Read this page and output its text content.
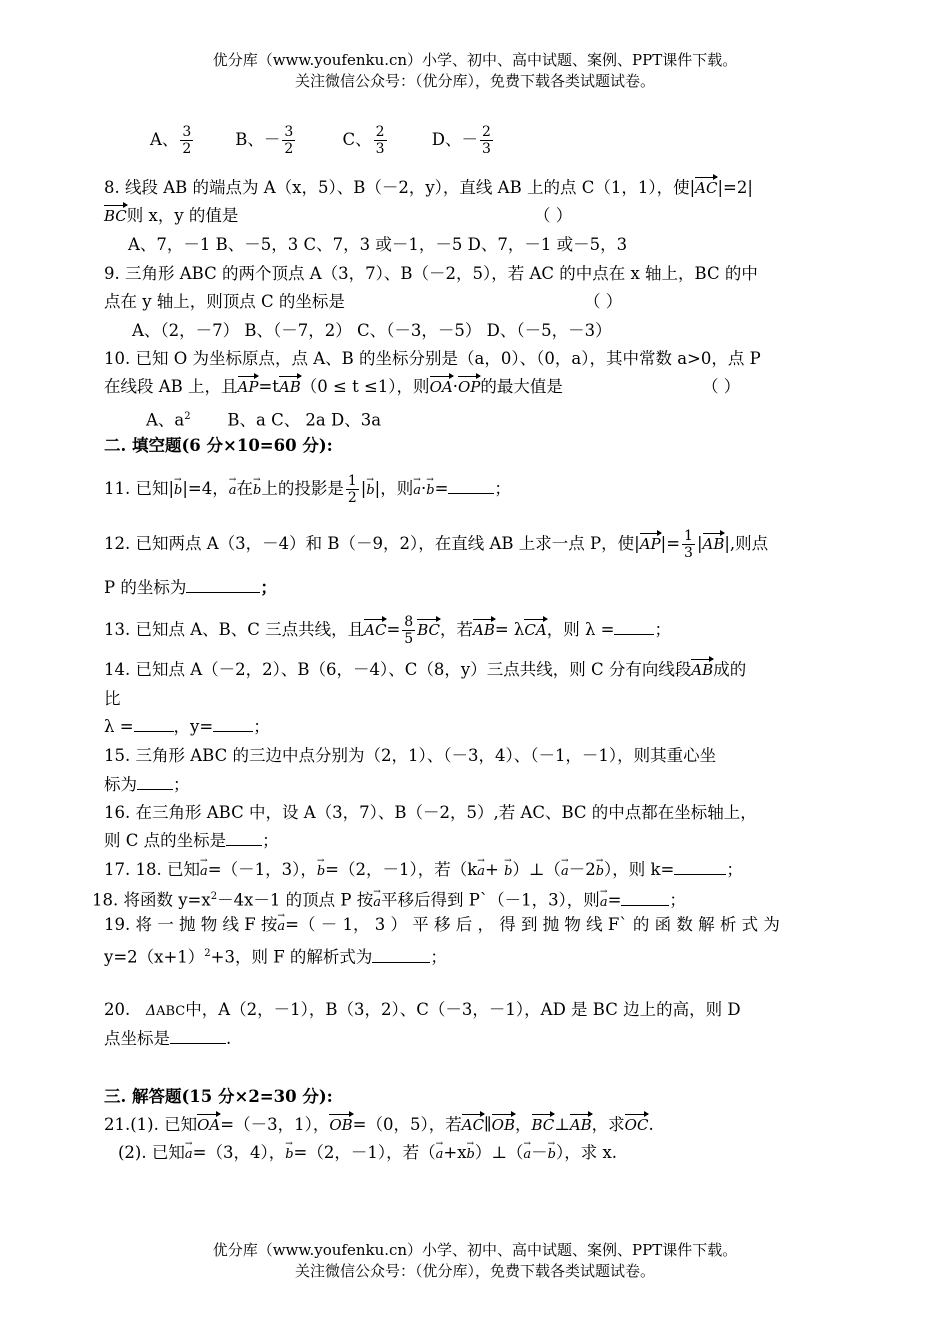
优分库（www.youfenku.cn）小学、初中、高中试题、案例、PPT课件下载。
关注微信公众号：（优分库），免费下载各类试题试卷。
A、 $\frac{3}{2}$	B、－ $\frac{3}{2}$	C、 $\frac{2}{3}$	D、－ $\frac{2}{3}$
8. 线段 AB 的端点为 A（x，5）、B（－2，y），直线 AB 上的点 C（1，1），使|AC|=2|
BC则 x，y 的值是	（ ）
A、7，－1 B、－5，3 C、7，3 或－1，－5 D、7，－1 或－5，3
9. 三角形 ABC 的两个顶点 A（3，7）、B（－2，5），若 AC 的中点在 x 轴上，BC 的中
点在 y 轴上，则顶点 C 的坐标是	（ ）
A、（2，－7） B、（－7，2） C、（－3，－5） D、（－5，－3）
10. 已知 O 为坐标原点，点 A、B 的坐标分别是（a，0）、（0，a），其中常数 a>0，点 P
在线段 AB 上，且AP=tAB（0 ≤ t ≤1），则OA·OP的最大值是	（ ）
A、$a^2$ B、a C、 2a D、3a
二. 填空题(6 分×10=60 分):
11. 已知|b →|=4，a →在b →上的投影是 $\frac{1}{2} |b$ →|，则a →·b →=	；
12. 已知两点 A（3，－4）和 B（－9，2），在直线 AB 上求一点 P，使$|AP|= \frac{1}{3} |AB|$,则点
P 的坐标为	；
13. 已知点 A、B、C 三点共线，且$AC= \frac{8}{5}$ BC，若AB= λCA，则 λ = ；
14. 已知点 A（－2，2）、B（6，－4）、C（8，y）三点共线，则 C 分有向线段AB成的
比
λ = ，y= ；
15. 三角形 ABC 的三边中点分别为（2，1）、（－3，4）、（－1，－1），则其重心坐
标为 ；
16. 在三角形 ABC 中，设 A（3，7）、B（－2，5）,若 AC、BC 的中点都在坐标轴上，
则 C 点的坐标是 ；
17. 18. 已知a →=（－1，3），b →=（2，－1），若（ka →+ b →）⊥（a →－2b →），则 k=	；
18. 将函数 $y=x^2-4x-1$ 的顶点 P 按a →平移后得到 P`（－1，3），则a →=	；
19. 将 一 抛 物 线 F 按a →=（ － 1， 3 ） 平 移 后 ， 得 到 抛 物 线 F` 的 函 数 解 析 式 为
$y=2(x+1)^2+3$，则 F 的解析式为	；
20. ΔABC中，A（2，－1），B（3，2）、C（－3，－1），AD 是 BC 边上的高，则 D
点坐标是	.
三. 解答题(15 分×2=30 分):
21.(1). 已知OA=（－3，1），OB=（0，5），若AC∥OB，BC⊥AB，求OC.
(2). 已知a →=（3，4），b →=（2，－1），若（a →+xb →）⊥（a →－b →），求 x.
优分库（www.youfenku.cn）小学、初中、高中试题、案例、PPT课件下载。
关注微信公众号：（优分库），免费下载各类试题试卷。
